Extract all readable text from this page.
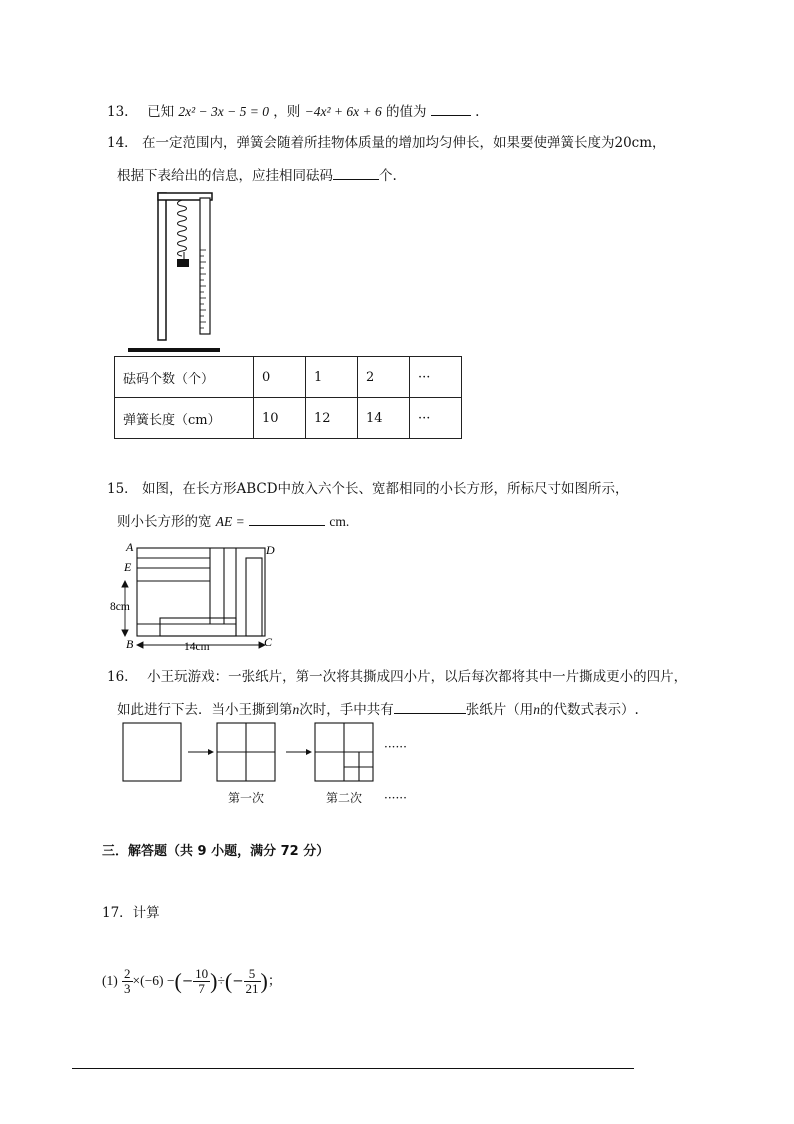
13. 已知 2x² − 3x − 5 = 0 ，则 −4x² + 6x + 6 的值为	.
14． 在一定范围内，弹簧会随着所挂物体质量的增加均匀伸长，如果要使弹簧长度为20cm，
根据下表给出的信息，应挂相同砝码	个.
砝码个数（个）	0	1	2	···
弹簧长度（cm）	10	12	14	···
15． 如图，在长方形ABCD中放入六个长、宽都相同的小长方形，所标尺寸如图所示，
则小长方形的宽 AE =	cm.
A
E
B	C
D
8cm
14cm
16. 小王玩游戏：一张纸片，第一次将其撕成四小片，以后每次都将其中一片撕成更小的四片，
如此进行下去．当小王撕到第n次时，手中共有	张纸片（用n的代数式表示）.
······
第一次	第二次 ······
三．解答题（共 9 小题，满分 72 分）
17．计算
$(1) \frac{2}{3} \times(-6)$ −(− $\frac{10}{7}$ )÷(− $\frac{5}{21}$ )；
